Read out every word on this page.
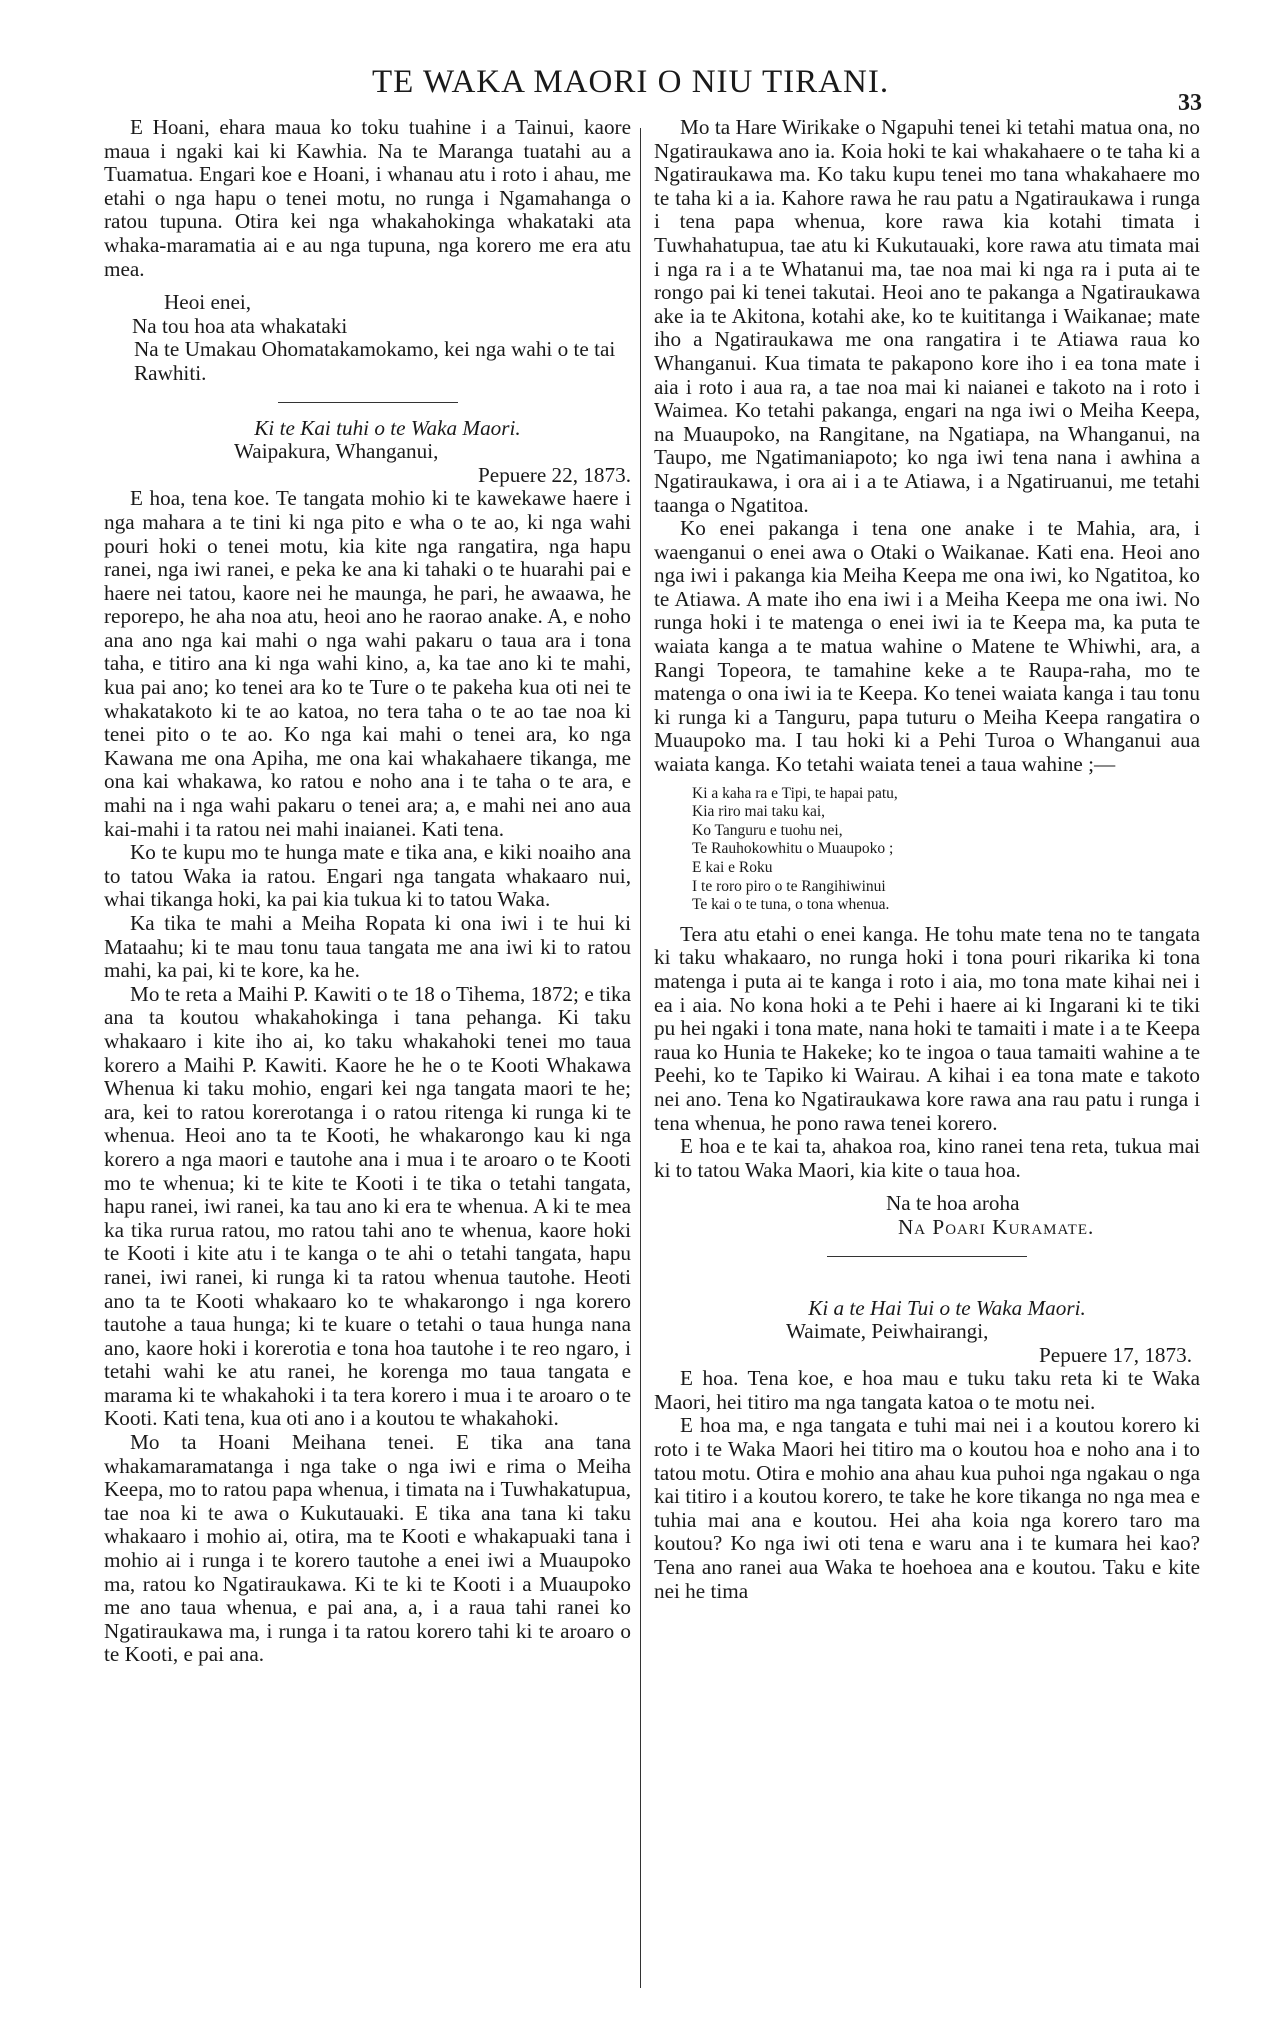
TE WAKA MAORI O NIU TIRANI.
33

E Hoani, ehara maua ko toku tuahine i a Tainui, kaore maua i ngaki kai ki Kawhia. Na te Maranga tuatahi au a Tuamatua. Engari koe e Hoani, i whanau atu i roto i ahau, me etahi o nga hapu o tenei motu, no runga i Ngamahanga o ratou tupuna. Otira kei nga whakahokinga whakataki ata whaka-maramatia ai e au nga tupuna, nga korero me era atu mea.

Heoi enei,

Na tou hoa ata whakataki

Na te Umakau Ohomatakamokamo, kei nga wahi o te tai Rawhiti.

Ki te Kai tuhi o te Waka Maori.

Waipakura, Whanganui,

Pepuere 22, 1873.

E hoa, tena koe. Te tangata mohio ki te kawekawe haere i nga mahara a te tini ki nga pito e wha o te ao, ki nga wahi pouri hoki o tenei motu, kia kite nga rangatira, nga hapu ranei, nga iwi ranei, e peka ke ana ki tahaki o te huarahi pai e haere nei tatou, kaore nei he maunga, he pari, he awaawa, he reporepo, he aha noa atu, heoi ano he raorao anake. A, e noho ana ano nga kai mahi o nga wahi pakaru o taua ara i tona taha, e titiro ana ki nga wahi kino, a, ka tae ano ki te mahi, kua pai ano; ko tenei ara ko te Ture o te pakeha kua oti nei te whakatakoto ki te ao katoa, no tera taha o te ao tae noa ki tenei pito o te ao. Ko nga kai mahi o tenei ara, ko nga Kawana me ona Apiha, me ona kai whakahaere tikanga, me ona kai whakawa, ko ratou e noho ana i te taha o te ara, e mahi na i nga wahi pakaru o tenei ara; a, e mahi nei ano aua kai-mahi i ta ratou nei mahi inaianei. Kati tena.

Ko te kupu mo te hunga mate e tika ana, e kiki noaiho ana to tatou Waka ia ratou. Engari nga tangata whakaaro nui, whai tikanga hoki, ka pai kia tukua ki to tatou Waka.

Ka tika te mahi a Meiha Ropata ki ona iwi i te hui ki Mataahu; ki te mau tonu taua tangata me ana iwi ki to ratou mahi, ka pai, ki te kore, ka he.

Mo te reta a Maihi P. Kawiti o te 18 o Tihema, 1872; e tika ana ta koutou whakahokinga i tana pehanga. Ki taku whakaaro i kite iho ai, ko taku whakahoki tenei mo taua korero a Maihi P. Kawiti. Kaore he he o te Kooti Whakawa Whenua ki taku mohio, engari kei nga tangata maori te he; ara, kei to ratou korerotanga i o ratou ritenga ki runga ki te whenua. Heoi ano ta te Kooti, he whakarongo kau ki nga korero a nga maori e tautohe ana i mua i te aroaro o te Kooti mo te whenua; ki te kite te Kooti i te tika o tetahi tangata, hapu ranei, iwi ranei, ka tau ano ki era te whenua. A ki te mea ka tika rurua ratou, mo ratou tahi ano te whenua, kaore hoki te Kooti i kite atu i te kanga o te ahi o tetahi tangata, hapu ranei, iwi ranei, ki runga ki ta ratou whenua tautohe. Heoti ano ta te Kooti whakaaro ko te whakarongo i nga korero tautohe a taua hunga; ki te kuare o tetahi o taua hunga nana ano, kaore hoki i korerotia e tona hoa tautohe i te reo ngaro, i tetahi wahi ke atu ranei, he korenga mo taua tangata e marama ki te whakahoki i ta tera korero i mua i te aroaro o te Kooti. Kati tena, kua oti ano i a koutou te whakahoki.

Mo ta Hoani Meihana tenei. E tika ana tana whakamaramatanga i nga take o nga iwi e rima o Meiha Keepa, mo to ratou papa whenua, i timata na i Tuwhakatupua, tae noa ki te awa o Kukutauaki. E tika ana tana ki taku whakaaro i mohio ai, otira, ma te Kooti e whakapuaki tana i mohio ai i runga i te korero tautohe a enei iwi a Muaupoko ma, ratou ko Ngatiraukawa. Ki te ki te Kooti i a Muaupoko me ano taua whenua, e pai ana, a, i a raua tahi ranei ko Ngatiraukawa ma, i runga i ta ratou korero tahi ki te aroaro o te Kooti, e pai ana.

Mo ta Hare Wirikake o Ngapuhi tenei ki tetahi matua ona, no Ngatiraukawa ano ia. Koia hoki te kai whakahaere o te taha ki a Ngatiraukawa ma. Ko taku kupu tenei mo tana whakahaere mo te taha ki a ia. Kahore rawa he rau patu a Ngatiraukawa i runga i tena papa whenua, kore rawa kia kotahi timata i Tuwhahatupua, tae atu ki Kukutauaki, kore rawa atu timata mai i nga ra i a te Whatanui ma, tae noa mai ki nga ra i puta ai te rongo pai ki tenei takutai. Heoi ano te pakanga a Ngatiraukawa ake ia te Akitona, kotahi ake, ko te kuititanga i Waikanae; mate iho a Ngatiraukawa me ona rangatira i te Atiawa raua ko Whanganui. Kua timata te pakapono kore iho i ea tona mate i aia i roto i aua ra, a tae noa mai ki naianei e takoto na i roto i Waimea. Ko tetahi pakanga, engari na nga iwi o Meiha Keepa, na Muaupoko, na Rangitane, na Ngatiapa, na Whanganui, na Taupo, me Ngatimaniapoto; ko nga iwi tena nana i awhina a Ngatiraukawa, i ora ai i a te Atiawa, i a Ngatiruanui, me tetahi taanga o Ngatitoa.

Ko enei pakanga i tena one anake i te Mahia, ara, i waenganui o enei awa o Otaki o Waikanae. Kati ena. Heoi ano nga iwi i pakanga kia Meiha Keepa me ona iwi, ko Ngatitoa, ko te Atiawa. A mate iho ena iwi i a Meiha Keepa me ona iwi. No runga hoki i te matenga o enei iwi ia te Keepa ma, ka puta te waiata kanga a te matua wahine o Matene te Whiwhi, ara, a Rangi Topeora, te tamahine keke a te Raupa-raha, mo te matenga o ona iwi ia te Keepa. Ko tenei waiata kanga i tau tonu ki runga ki a Tanguru, papa tuturu o Meiha Keepa rangatira o Muaupoko ma. I tau hoki ki a Pehi Turoa o Whanganui aua waiata kanga. Ko tetahi waiata tenei a taua wahine ;—

Ki a kaha ra e Tipi, te hapai patu,
Kia riro mai taku kai,
Ko Tanguru e tuohu nei,
Te Rauhokowhitu o Muaupoko ;
E kai e Roku
I te roro piro o te Rangihiwinui
Te kai o te tuna, o tona whenua.

Tera atu etahi o enei kanga. He tohu mate tena no te tangata ki taku whakaaro, no runga hoki i tona pouri rikarika ki tona matenga i puta ai te kanga i roto i aia, mo tona mate kihai nei i ea i aia. No kona hoki a te Pehi i haere ai ki Ingarani ki te tiki pu hei ngaki i tona mate, nana hoki te tamaiti i mate i a te Keepa raua ko Hunia te Hakeke; ko te ingoa o taua tamaiti wahine a te Peehi, ko te Tapiko ki Wairau. A kihai i ea tona mate e takoto nei ano. Tena ko Ngatiraukawa kore rawa ana rau patu i runga i tena whenua, he pono rawa tenei korero.

E hoa e te kai ta, ahakoa roa, kino ranei tena reta, tukua mai ki to tatou Waka Maori, kia kite o taua hoa.

Na te hoa aroha

Na Poari Kuramate.

Ki a te Hai Tui o te Waka Maori.

Waimate, Peiwhairangi,

Pepuere 17, 1873.

E hoa. Tena koe, e hoa mau e tuku taku reta ki te Waka Maori, hei titiro ma nga tangata katoa o te motu nei.

E hoa ma, e nga tangata e tuhi mai nei i a koutou korero ki roto i te Waka Maori hei titiro ma o koutou hoa e noho ana i to tatou motu. Otira e mohio ana ahau kua puhoi nga ngakau o nga kai titiro i a koutou korero, te take he kore tikanga no nga mea e tuhia mai ana e koutou. Hei aha koia nga korero taro ma koutou? Ko nga iwi oti tena e waru ana i te kumara hei kao? Tena ano ranei aua Waka te hoehoea ana e koutou. Taku e kite nei he tima
